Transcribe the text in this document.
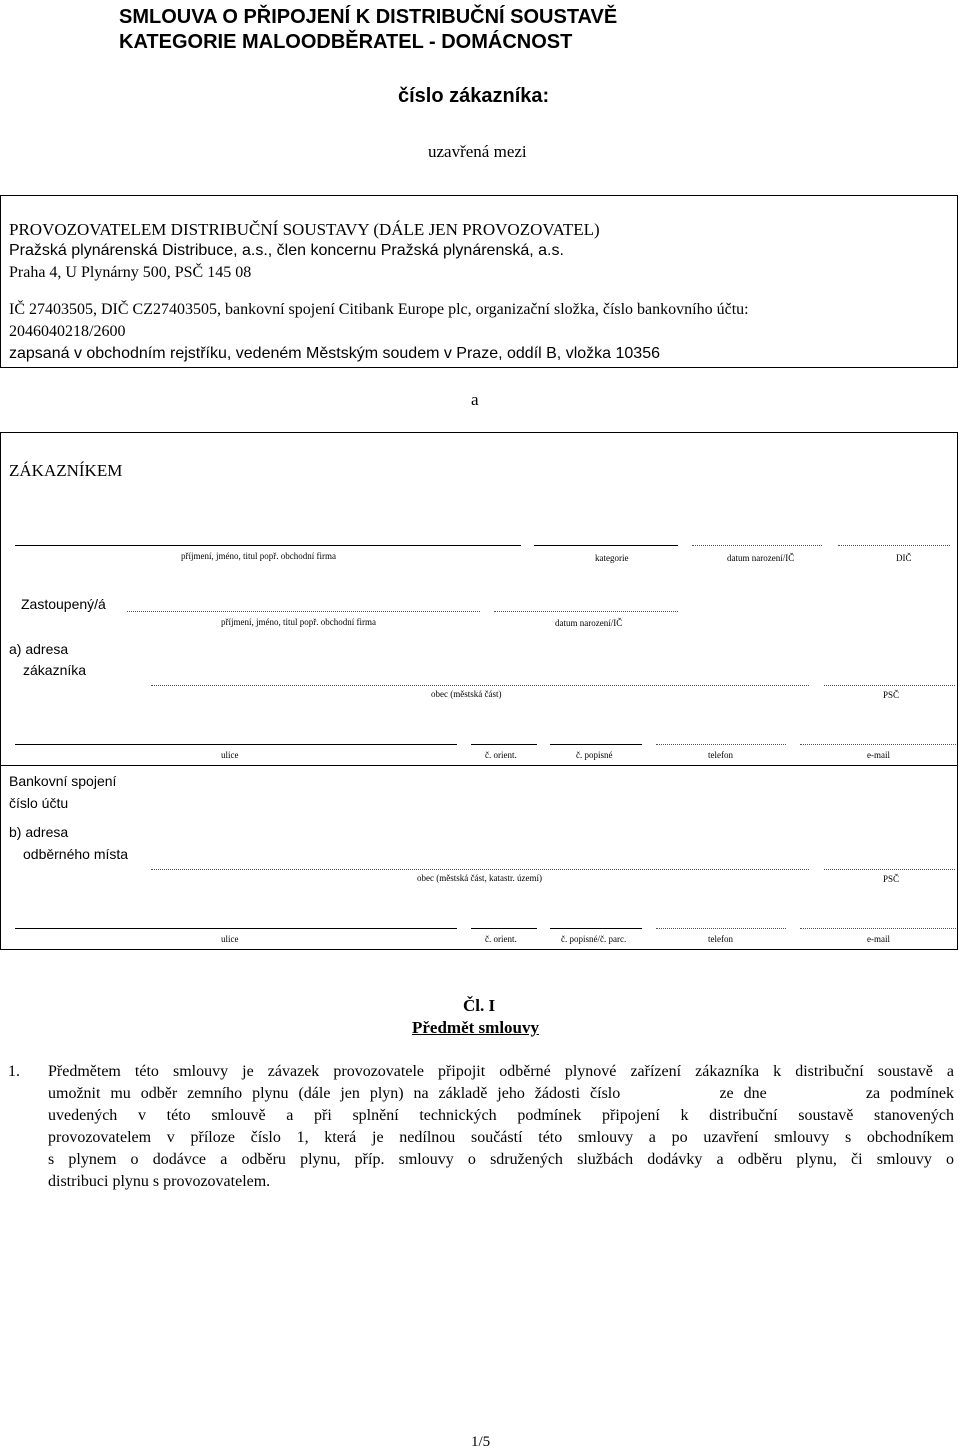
SMLOUVA O PŘIPOJENÍ K DISTRIBUČNÍ SOUSTAVĚ
KATEGORIE MALOODBĚRATEL - DOMÁCNOST
číslo zákazníka:
uzavřená mezi
PROVOZOVATELEM DISTRIBUČNÍ SOUSTAVY (DÁLE JEN PROVOZOVATEL)
Pražská plynárenská Distribuce, a.s., člen koncernu Pražská plynárenská, a.s.
Praha 4, U Plynárny 500, PSČ 145 08
IČ 27403505, DIČ CZ27403505, bankovní spojení Citibank Europe plc, organizační složka, číslo bankovního účtu:
2046040218/2600
zapsaná v obchodním rejstříku, vedeném Městským soudem v Praze, oddíl B, vložka 10356
a
ZÁKAZNÍKEM
příjmení, jméno, titul popř. obchodní firma	kategorie	datum narození/IČ	DIČ
Zastoupený/á
příjmení, jméno, titul popř. obchodní firma	datum narození/IČ
a) adresa
zákazníka
obec (městská část)	PSČ
ulice	č. orient.	č. popisné	telefon	e-mail
Bankovní spojení
číslo účtu
b) adresa
odběrného místa
obec (městská část, katastr. území)	PSČ
ulice	č. orient.	č. popisné/č. parc.	telefon	e-mail
Čl. I
Předmět smlouvy
1. Předmětem této smlouvy je závazek provozovatele připojit odběrné plynové zařízení zákazníka k distribuční soustavě a
umožnit mu odběr zemního plynu (dále jen plyn) na základě jeho žádosti číslo          ze dne          za podmínek
uvedených v této smlouvě a při splnění technických podmínek připojení k distribuční soustavě stanovených
provozovatelem v příloze číslo 1, která je nedílnou součástí této smlouvy a po uzavření smlouvy s obchodníkem
s plynem o dodávce a odběru plynu, příp. smlouvy o sdružených službách dodávky a odběru plynu, či smlouvy o
distribuci plynu s provozovatelem.
1/5
